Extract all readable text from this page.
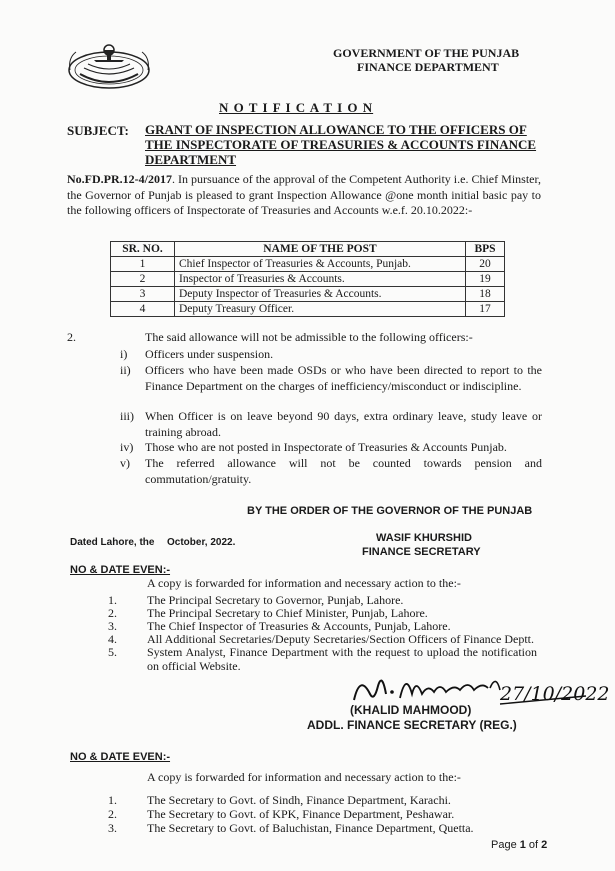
GOVERNMENT OF THE PUNJAB
FINANCE DEPARTMENT
N O T I F I C A T I O N
SUBJECT: GRANT OF INSPECTION ALLOWANCE TO THE OFFICERS OF
THE INSPECTORATE OF TREASURIES & ACCOUNTS FINANCE
DEPARTMENT
No.FD.PR.12-4/2017. In pursuance of the approval of the Competent Authority i.e. Chief Minster, the Governor of Punjab is pleased to grant Inspection Allowance @one month initial basic pay to the following officers of Inspectorate of Treasuries and Accounts w.e.f. 20.10.2022:-
SR. NO.	NAME OF THE POST	BPS
1	Chief Inspector of Treasuries & Accounts, Punjab.	20
2	Inspector of Treasuries & Accounts.	19
3	Deputy Inspector of Treasuries & Accounts.	18
4	Deputy Treasury Officer.	17
2.	The said allowance will not be admissible to the following officers:-
i) Officers under suspension.
ii) Officers who have been made OSDs or who have been directed to report to the Finance Department on the charges of inefficiency/misconduct or indiscipline.
iii) When Officer is on leave beyond 90 days, extra ordinary leave, study leave or training abroad.
iv) Those who are not posted in Inspectorate of Treasuries & Accounts Punjab.
v) The referred allowance will not be counted towards pension and commutation/gratuity.
BY THE ORDER OF THE GOVERNOR OF THE PUNJAB
Dated Lahore, the October, 2022.	WASIF KHURSHID
FINANCE SECRETARY
NO & DATE EVEN:-
A copy is forwarded for information and necessary action to the:-
1.	The Principal Secretary to Governor, Punjab, Lahore.
2.	The Principal Secretary to Chief Minister, Punjab, Lahore.
3.	The Chief Inspector of Treasuries & Accounts, Punjab, Lahore.
4.	All Additional Secretaries/Deputy Secretaries/Section Officers of Finance Deptt.
5.	System Analyst, Finance Department with the request to upload the notification on official Website.
27/10/2022
(KHALID MAHMOOD)
ADDL. FINANCE SECRETARY (REG.)
NO & DATE EVEN:-
A copy is forwarded for information and necessary action to the:-
1.	The Secretary to Govt. of Sindh, Finance Department, Karachi.
2.	The Secretary to Govt. of KPK, Finance Department, Peshawar.
3.	The Secretary to Govt. of Baluchistan, Finance Department, Quetta.
Page 1 of 2
